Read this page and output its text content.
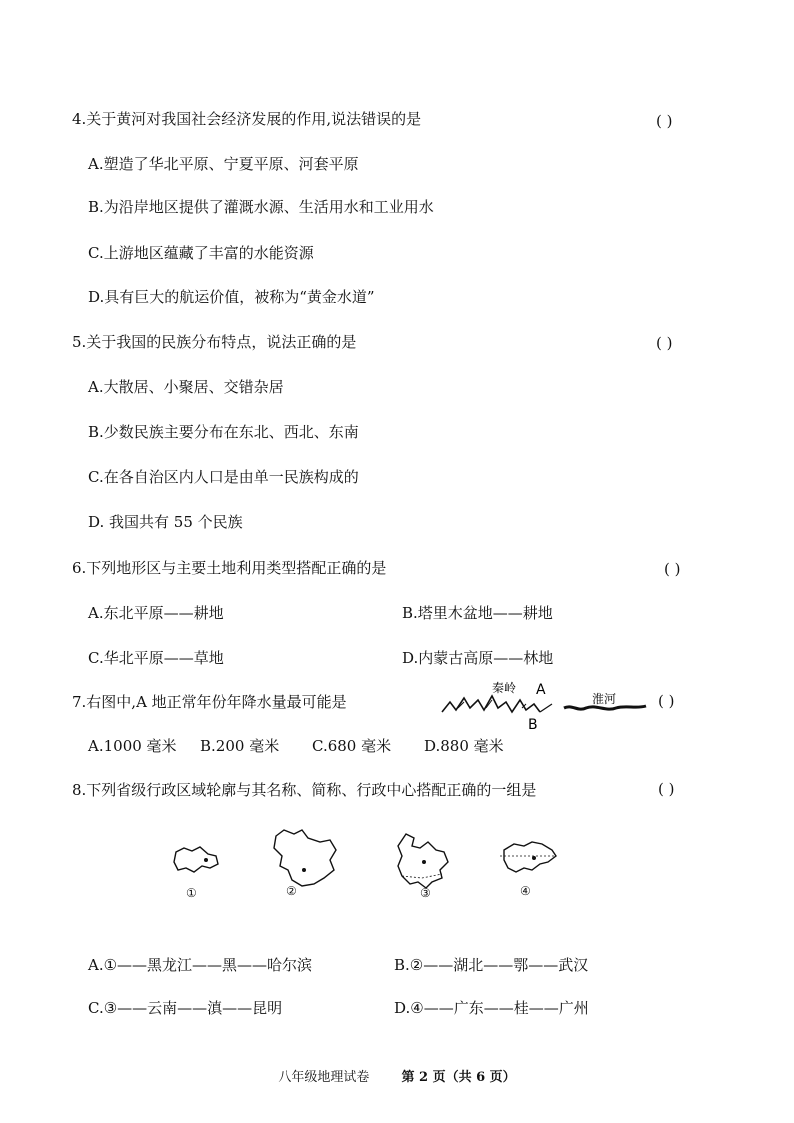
4.关于黄河对我国社会经济发展的作用,说法错误的是	( )
A.塑造了华北平原、宁夏平原、河套平原
B.为沿岸地区提供了灌溉水源、生活用水和工业用水
C.上游地区蕴藏了丰富的水能资源
D.具有巨大的航运价值，被称为“黄金水道”
5.关于我国的民族分布特点，说法正确的是	( )
A.大散居、小聚居、交错杂居
B.少数民族主要分布在东北、西北、东南
C.在各自治区内人口是由单一民族构成的
D. 我国共有 55 个民族
6.下列地形区与主要土地利用类型搭配正确的是	( )
A.东北平原——耕地	B.塔里木盆地——耕地
C.华北平原——草地	D.内蒙古高原——林地
7.右图中,A 地正常年份年降水量最可能是	( )
秦岭 A
B
淮河
A.1000 毫米 B.200 毫米 C.680 毫米 D.880 毫米
8.下列省级行政区域轮廓与其名称、简称、行政中心搭配正确的一组是	( )
①	②	③	④
A.①——黑龙江——黑——哈尔滨	B.②——湖北——鄂——武汉
C.③——云南——滇——昆明	D.④——广东——桂——广州
八年级地理试卷 第 2 页（共 6 页）
